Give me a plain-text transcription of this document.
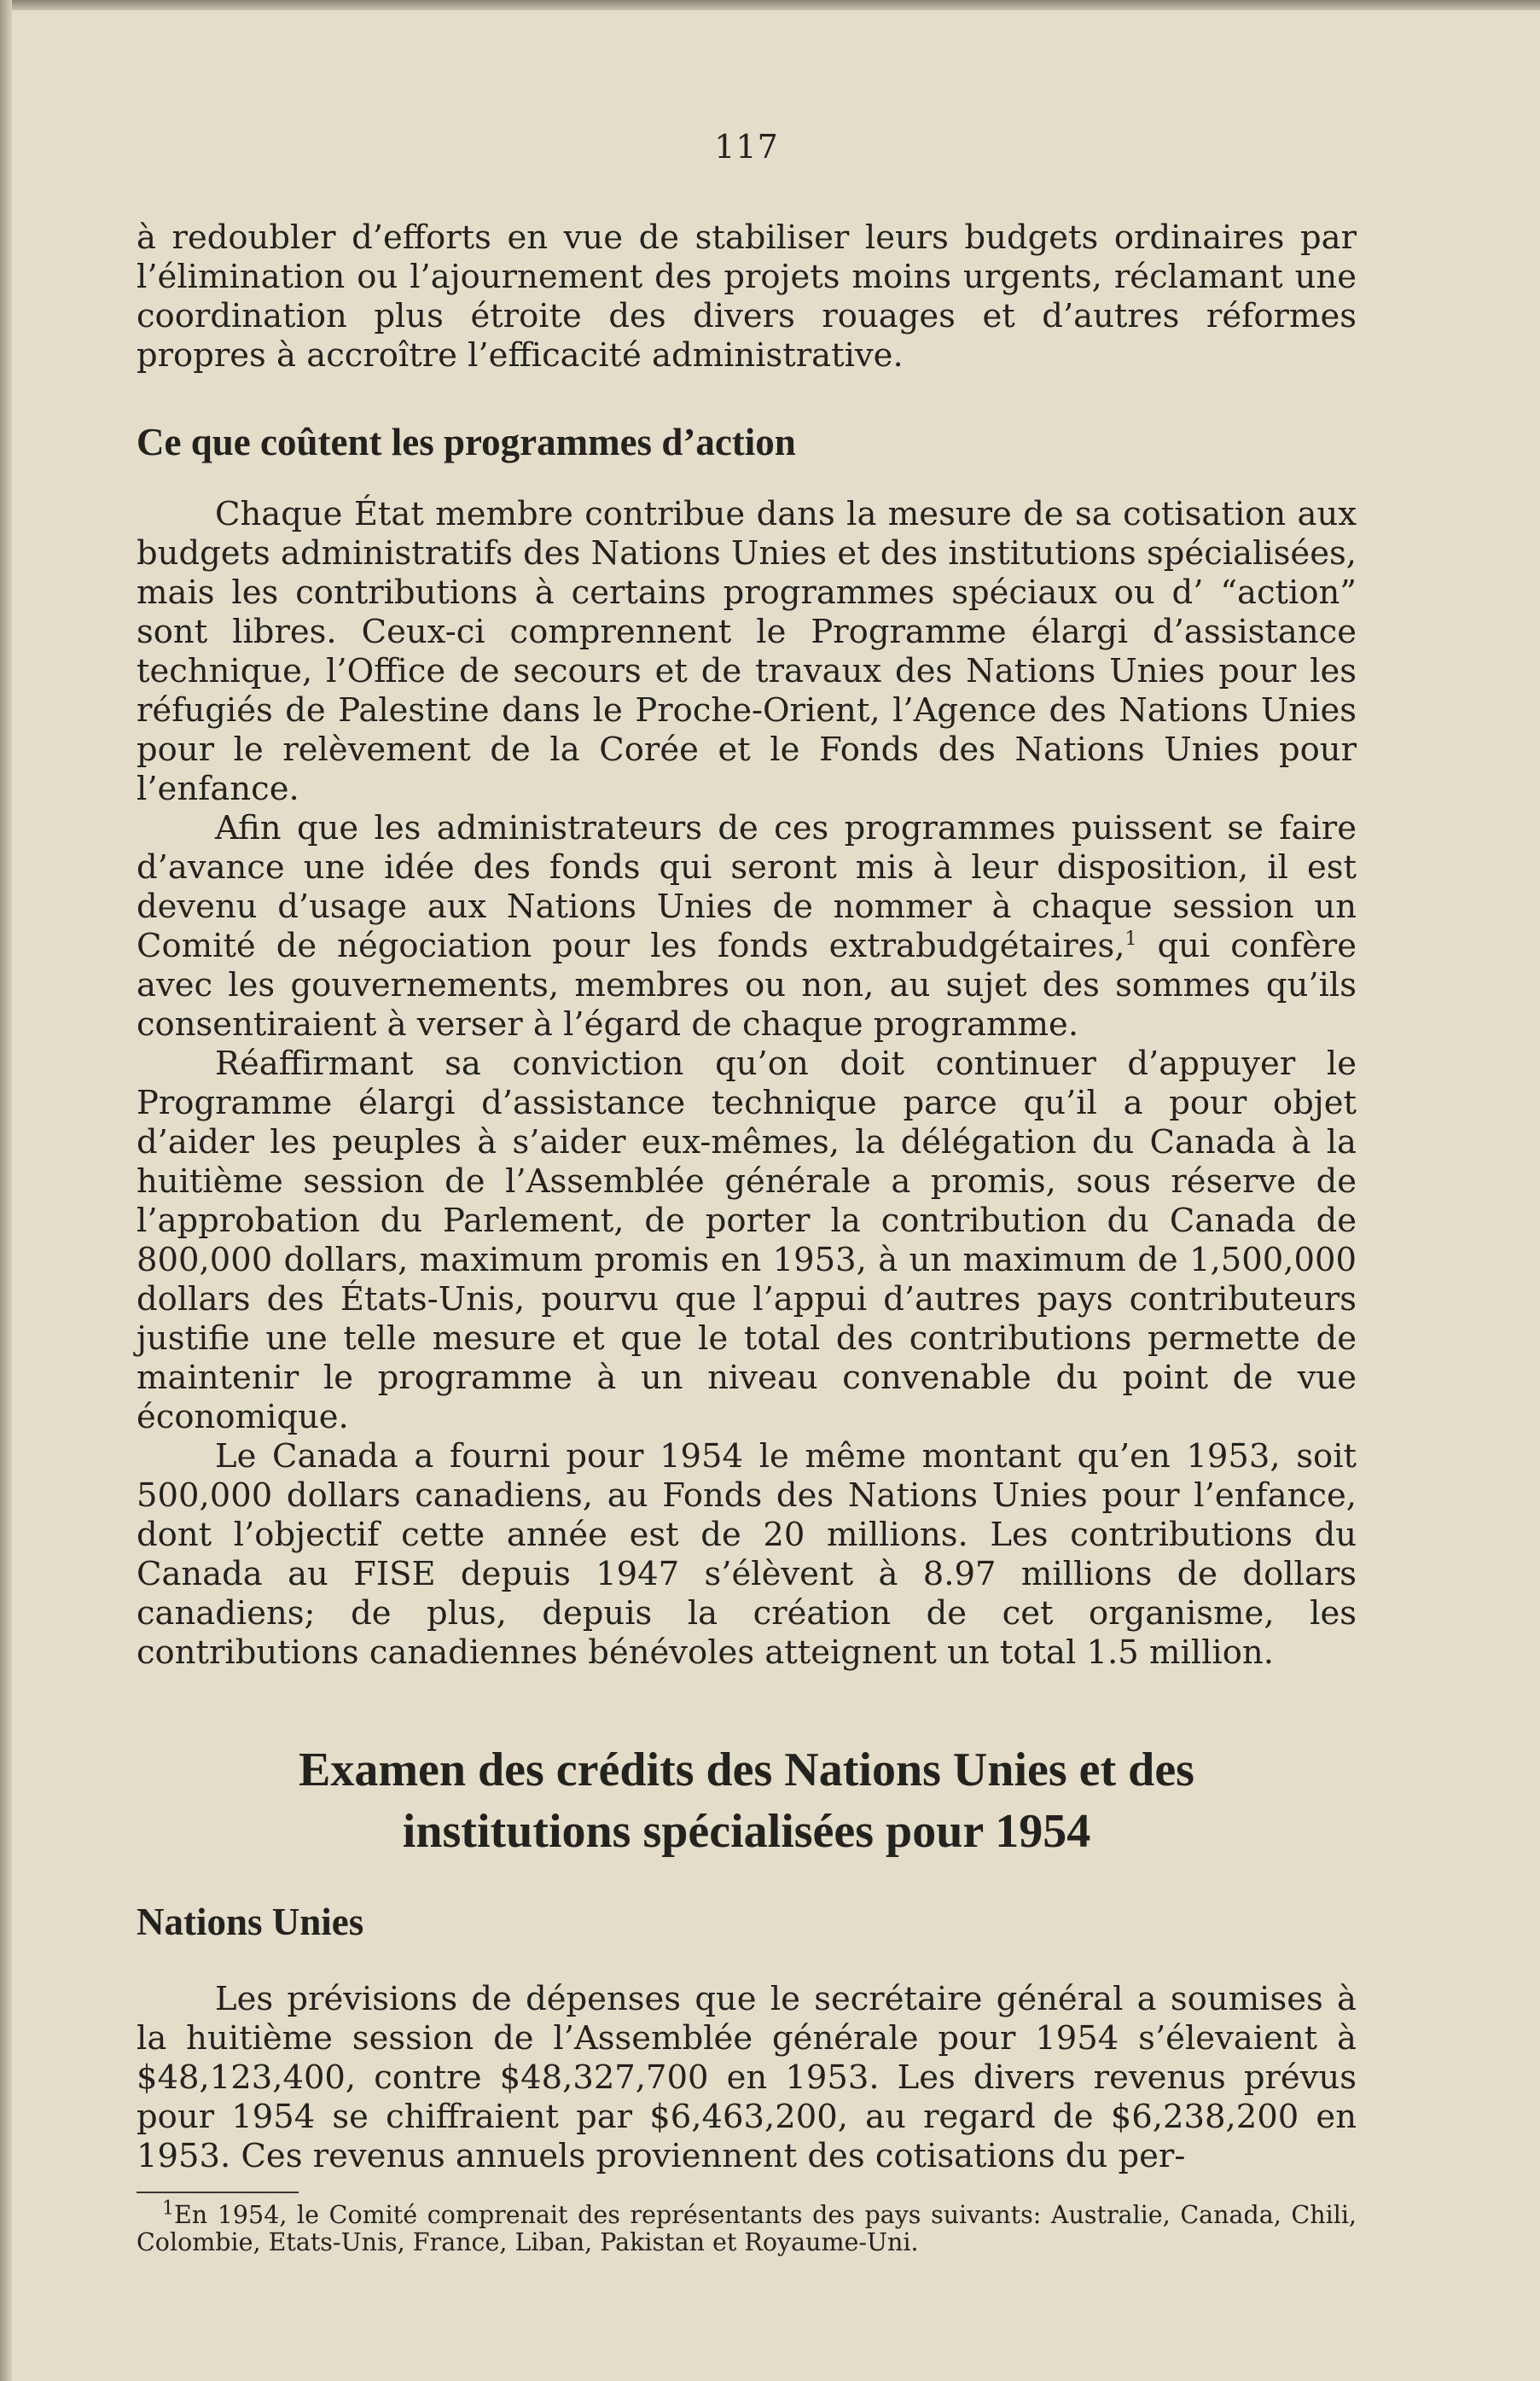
117

à redoubler d’efforts en vue de stabiliser leurs budgets ordinaires par l’élimination ou l’ajournement des projets moins urgents, réclamant une coordination plus étroite des divers rouages et d’autres réformes propres à accroître l’efficacité administrative.

Ce que coûtent les programmes d’action

Chaque État membre contribue dans la mesure de sa cotisation aux budgets administratifs des Nations Unies et des institutions spécialisées, mais les contributions à certains programmes spéciaux ou d’ “action” sont libres. Ceux-ci comprennent le Programme élargi d’assistance technique, l’Office de secours et de travaux des Nations Unies pour les réfugiés de Palestine dans le Proche-Orient, l’Agence des Nations Unies pour le relèvement de la Corée et le Fonds des Nations Unies pour l’enfance.

Afin que les administrateurs de ces programmes puissent se faire d’avance une idée des fonds qui seront mis à leur disposition, il est devenu d’usage aux Nations Unies de nommer à chaque session un Comité de négociation pour les fonds extrabudgétaires,$^1$ qui confère avec les gouvernements, membres ou non, au sujet des sommes qu’ils consentiraient à verser à l’égard de chaque programme.

Réaffirmant sa conviction qu’on doit continuer d’appuyer le Programme élargi d’assistance technique parce qu’il a pour objet d’aider les peuples à s’aider eux-mêmes, la délégation du Canada à la huitième session de l’Assemblée générale a promis, sous réserve de l’approbation du Parlement, de porter la contribution du Canada de 800,000 dollars, maximum promis en 1953, à un maximum de 1,500,000 dollars des États-Unis, pourvu que l’appui d’autres pays contributeurs justifie une telle mesure et que le total des contributions permette de maintenir le programme à un niveau convenable du point de vue économique.

Le Canada a fourni pour 1954 le même montant qu’en 1953, soit 500,000 dollars canadiens, au Fonds des Nations Unies pour l’enfance, dont l’objectif cette année est de 20 millions. Les contributions du Canada au FISE depuis 1947 s’élèvent à 8.97 millions de dollars canadiens; de plus, depuis la création de cet organisme, les contributions canadiennes bénévoles atteignent un total 1.5 million.

Examen des crédits des Nations Unies et des
institutions spécialisées pour 1954
Nations Unies

Les prévisions de dépenses que le secrétaire général a soumises à la huitième session de l’Assemblée générale pour 1954 s’élevaient à $48,123,400, contre $48,327,700 en 1953. Les divers revenus prévus pour 1954 se chiffraient par $6,463,200, au regard de $6,238,200 en 1953. Ces revenus annuels proviennent des cotisations du per-

$^1$En 1954, le Comité comprenait des représentants des pays suivants: Australie, Canada, Chili, Colombie, Etats-Unis, France, Liban, Pakistan et Royaume-Uni.
